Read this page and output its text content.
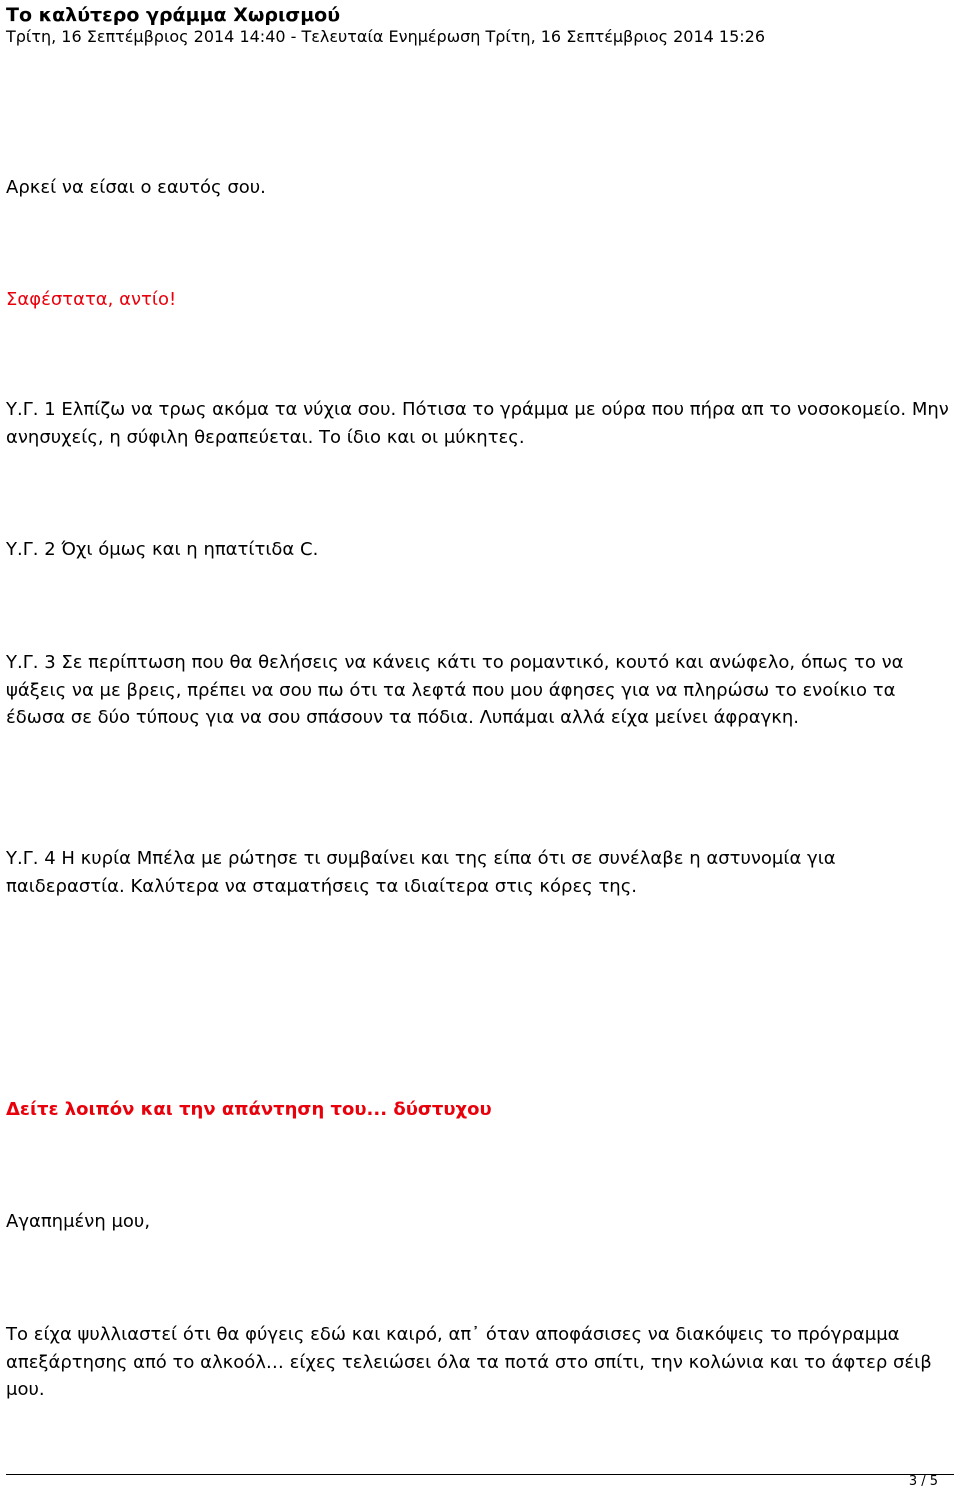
Το καλύτερο γράμμα Χωρισμού
Τρίτη, 16 Σεπτέμβριος 2014 14:40 - Τελευταία Ενημέρωση Τρίτη, 16 Σεπτέμβριος 2014 15:26

Αρκεί να είσαι ο εαυτός σου.

Σαφέστατα, αντίο!

Υ.Γ. 1 Ελπίζω να τρως ακόμα τα νύχια σου. Πότισα το γράμμα με ούρα που πήρα απ το νοσοκομείο. Μην ανησυχείς, η σύφιλη θεραπεύεται. Το ίδιο και οι μύκητες.

Υ.Γ. 2 Όχι όμως και η ηπατίτιδα C.

Υ.Γ. 3 Σε περίπτωση που θα θελήσεις να κάνεις κάτι το ρομαντικό, κουτό και ανώφελο, όπως το να ψάξεις να με βρεις, πρέπει να σου πω ότι τα λεφτά που μου άφησες για να πληρώσω το ενοίκιο τα έδωσα σε δύο τύπους για να σου σπάσουν τα πόδια. Λυπάμαι αλλά είχα μείνει άφραγκη.

Υ.Γ. 4 Η κυρία Μπέλα με ρώτησε τι συμβαίνει και της είπα ότι σε συνέλαβε η αστυνομία για παιδεραστία. Καλύτερα να σταματήσεις τα ιδιαίτερα στις κόρες της.

Δείτε λοιπόν και την απάντηση του... δύστυχου

Αγαπημένη μου,

Το είχα ψυλλιαστεί ότι θα φύγεις εδώ και καιρό, απ᾽ όταν αποφάσισες να διακόψεις το πρόγραμμα απεξάρτησης από το αλκοόλ… είχες τελειώσει όλα τα ποτά στο σπίτι, την κολώνια και το άφτερ σέιβ μου.

3 / 5
